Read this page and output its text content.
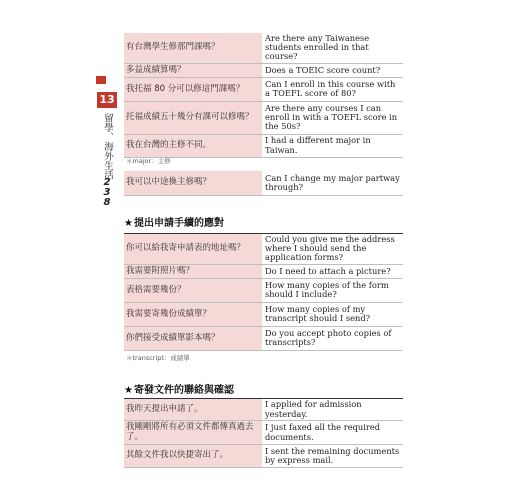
13
留學、海外生活
2
3
8
有台灣學生修那門課嗎？	Are there any Taiwanese students enrolled in that course?
多益成績算嗎？	Does a TOEIC score count?
我托福 80 分可以修這門課嗎？	Can I enroll in this course with a TOEFL score of 80?
托福成績五十幾分有課可以修嗎？	Are there any courses I can enroll in with a TOEFL score in the 50s?
我在台灣的主修不同。	I had a different major in Taiwan.
＊major：主修
我可以中途換主修嗎？	Can I change my major partway through?
★提出申請手續的應對
你可以給我寄申請表的地址嗎？	Could you give me the address where I should send the application forms?
我需要附照片嗎？	Do I need to attach a picture?
表格需要幾份？	How many copies of the form should I include?
我需要寄幾份成績單？	How many copies of my transcript should I send?
你們接受成績單影本嗎？	Do you accept photo copies of transcripts?
＊transcript：成績單
★寄發文件的聯絡與確認
我昨天提出申請了。	I applied for admission yesterday.
我剛剛將所有必須文件都傳真過去了。	I just faxed all the required documents.
其餘文件我以快捷寄出了。	I sent the remaining documents by express mail.
